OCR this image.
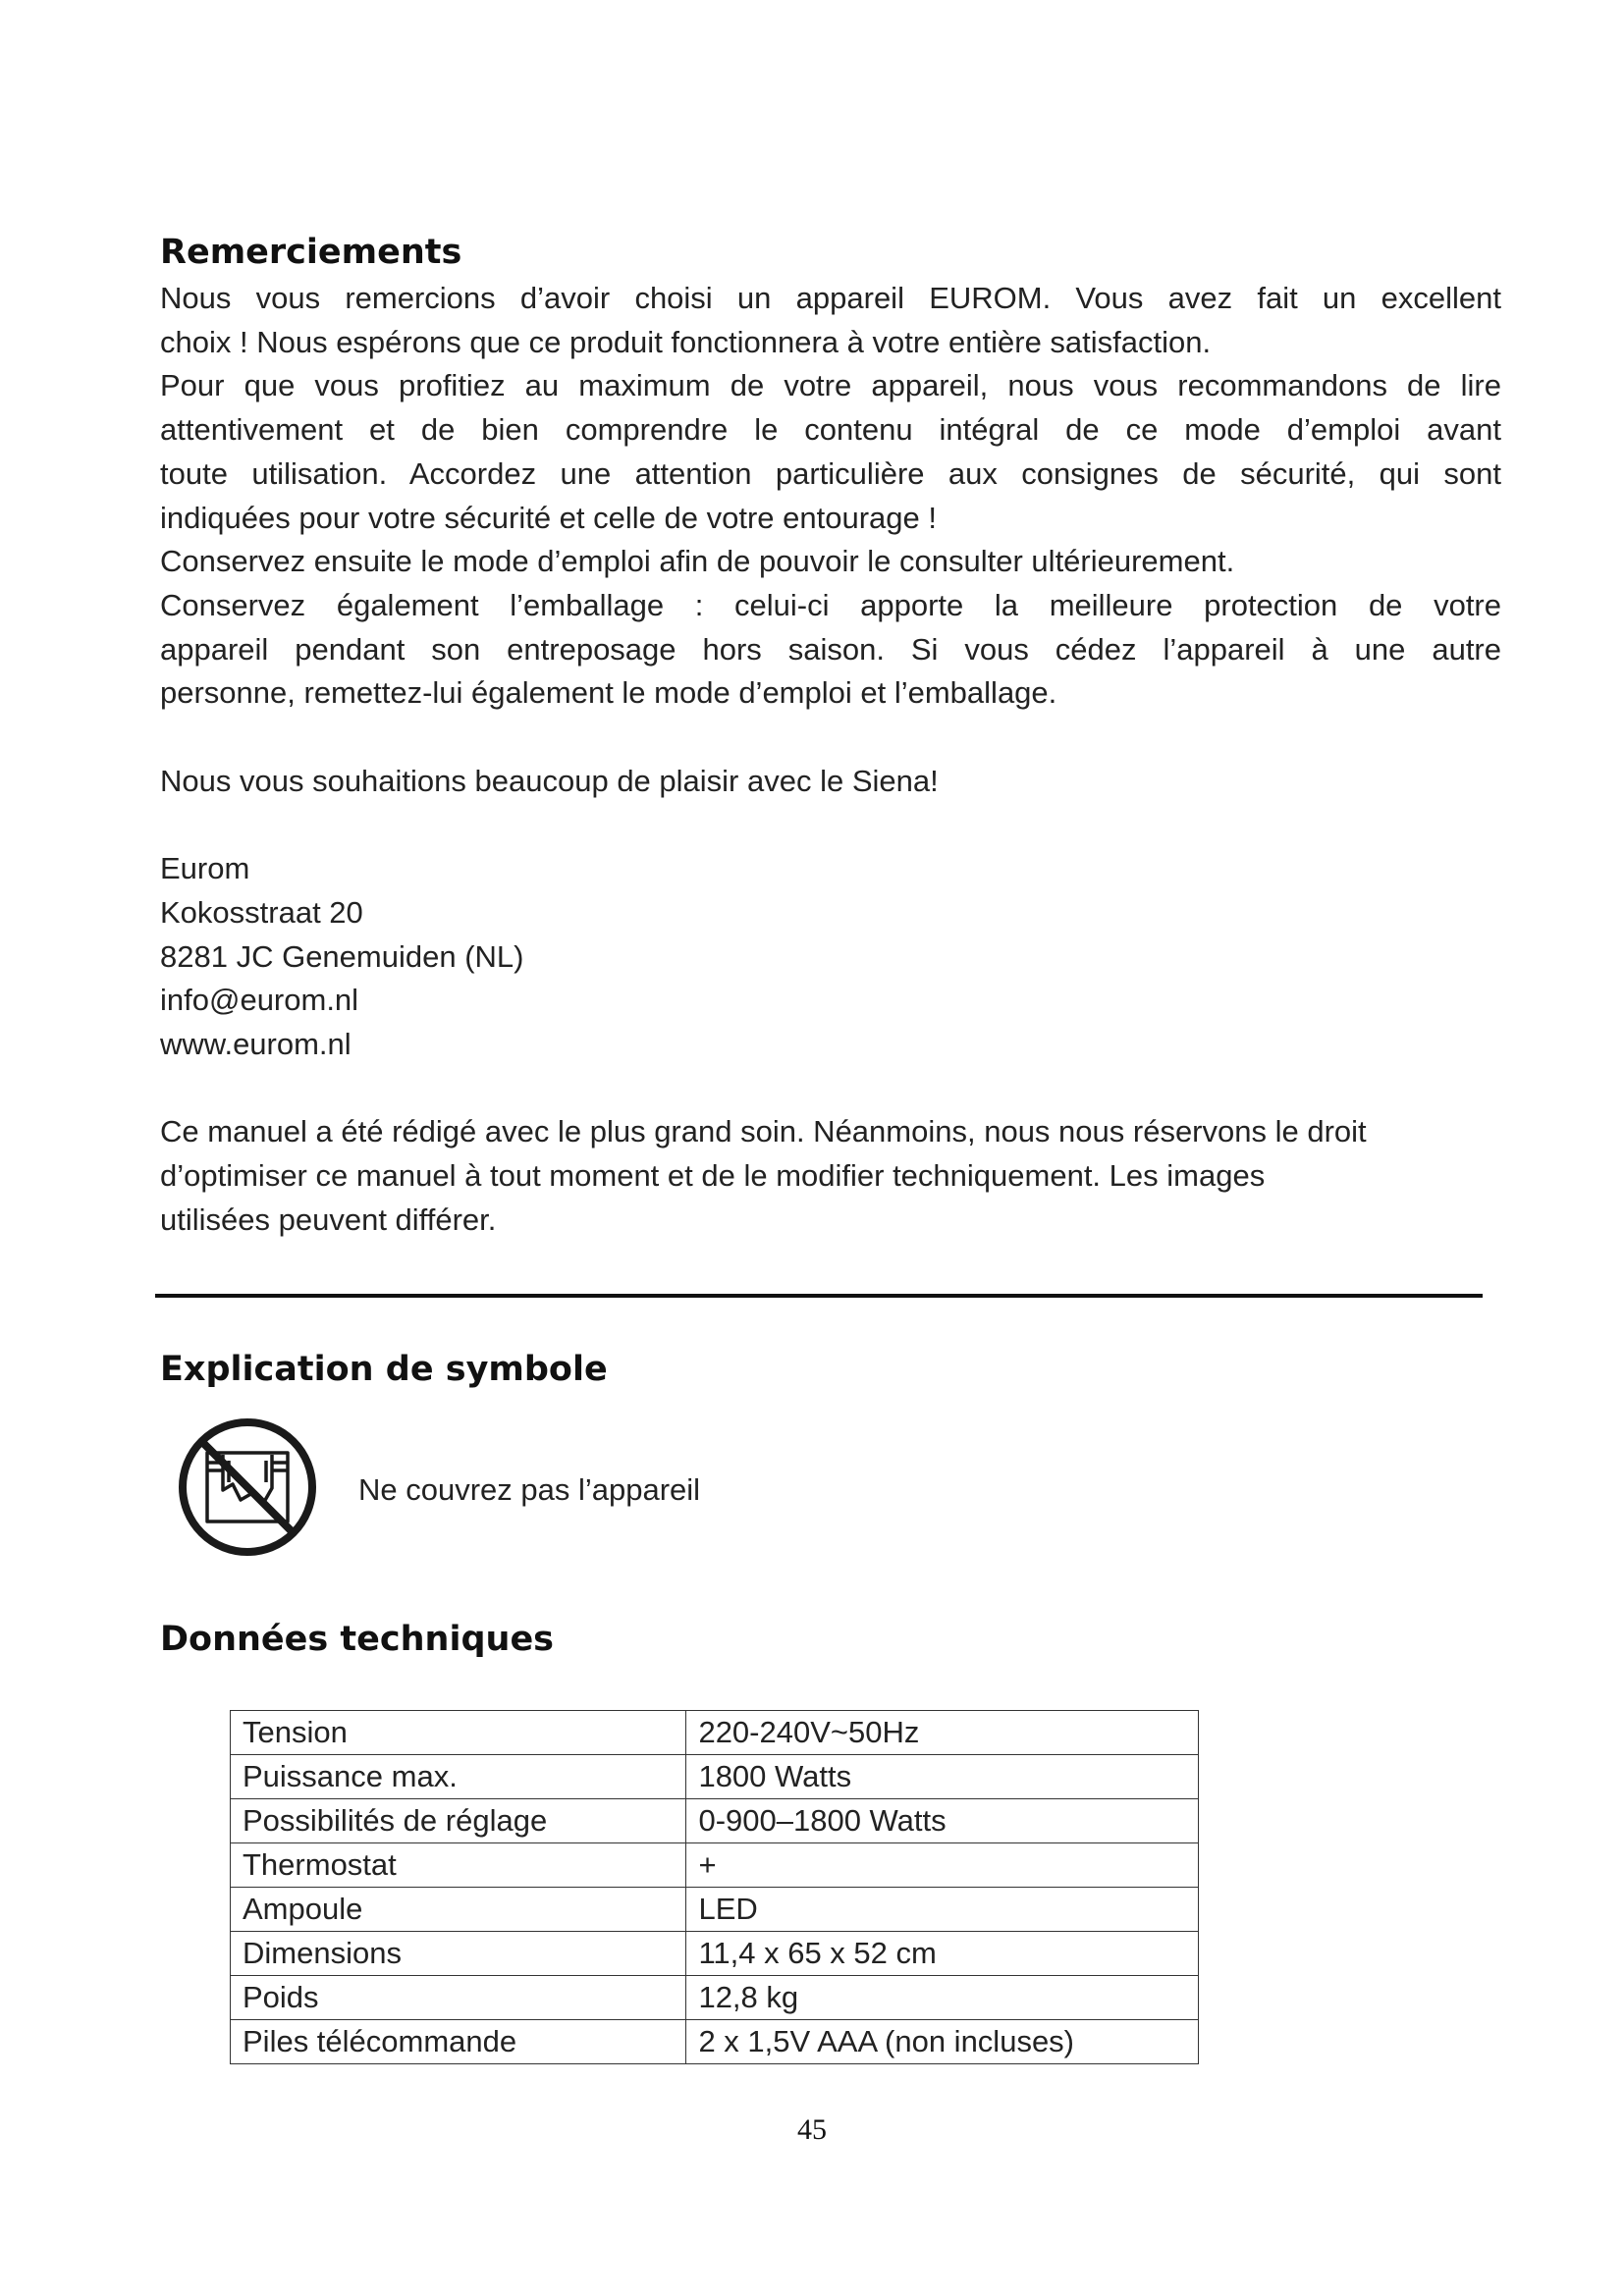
Remerciements

Nous vous remercions d’avoir choisi un appareil EUROM. Vous avez fait un excellent

choix ! Nous espérons que ce produit fonctionnera à votre entière satisfaction.

Pour que vous profitiez au maximum de votre appareil, nous vous recommandons de lire

attentivement et de bien comprendre le contenu intégral de ce mode d’emploi avant

toute utilisation. Accordez une attention particulière aux consignes de sécurité, qui sont

indiquées pour votre sécurité et celle de votre entourage !

Conservez ensuite le mode d’emploi afin de pouvoir le consulter ultérieurement.

Conservez également l’emballage : celui-ci apporte la meilleure protection de votre

appareil pendant son entreposage hors saison. Si vous cédez l’appareil à une autre

personne, remettez-lui également le mode d’emploi et l’emballage.

Nous vous souhaitions beaucoup de plaisir avec le Siena!

Eurom

Kokosstraat 20

8281 JC Genemuiden (NL)

info@eurom.nl

www.eurom.nl

Ce manuel a été rédigé avec le plus grand soin. Néanmoins, nous nous réservons le droit

d’optimiser ce manuel à tout moment et de le modifier techniquement. Les images

utilisées peuvent différer.

Explication de symbole
Ne couvrez pas l’appareil
Données techniques
Tension	220-240V~50Hz
Puissance max.	1800 Watts
Possibilités de réglage	0-900–1800 Watts
Thermostat	+
Ampoule	LED
Dimensions	11,4 x 65 x 52 cm
Poids	12,8 kg
Piles télécommande	2 x 1,5V AAA (non incluses)
45
